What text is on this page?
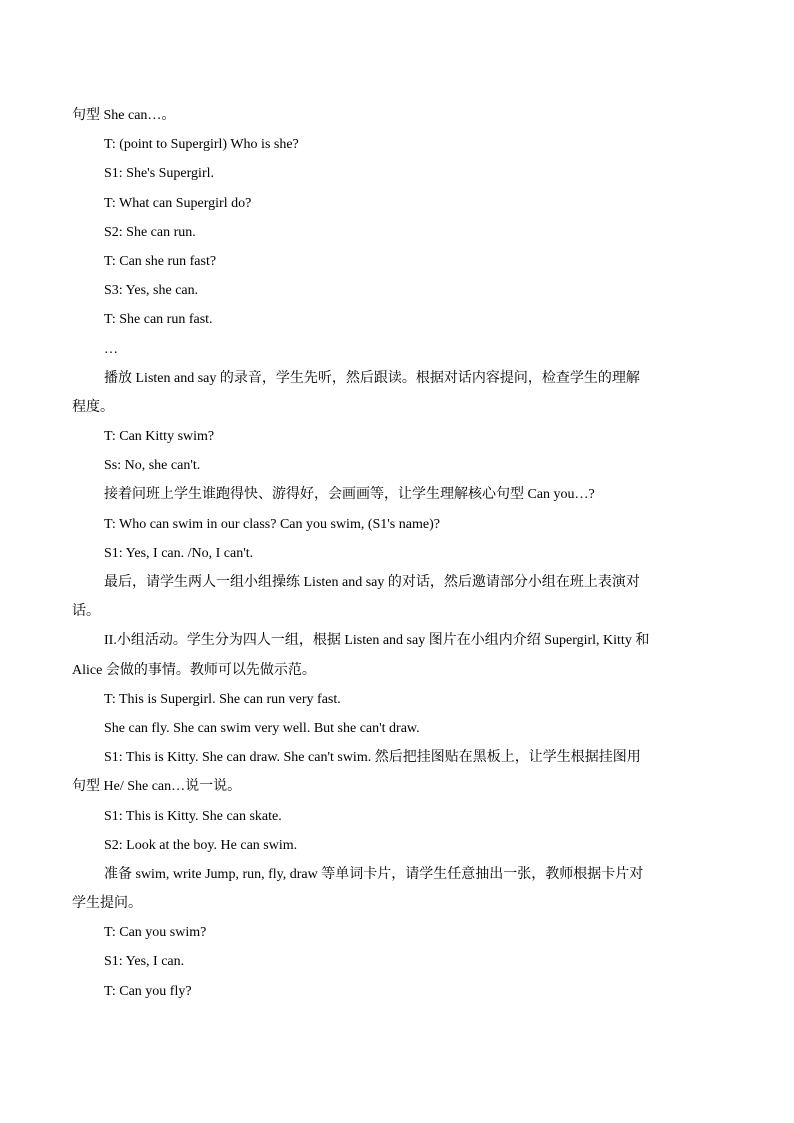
句型 She can…。
T: (point to Supergirl) Who is she?
S1: She's Supergirl.
T: What can Supergirl do?
S2: She can run.
T: Can she run fast?
S3: Yes, she can.
T: She can run fast.
…
播放 Listen and say 的录音，学生先听，然后跟读。根据对话内容提问，检查学生的理解
程度。
T: Can Kitty swim?
Ss: No, she can't.
接着问班上学生谁跑得快、游得好，会画画等，让学生理解核心句型 Can you…?
T: Who can swim in our class? Can you swim, (S1's name)?
S1: Yes, I can. /No, I can't.
最后，请学生两人一组小组操练 Listen and say 的对话，然后邀请部分小组在班上表演对
话。
II.小组活动。学生分为四人一组，根据 Listen and say 图片在小组内介绍 Supergirl, Kitty 和
Alice 会做的事情。教师可以先做示范。
T: This is Supergirl. She can run very fast.
She can fly. She can swim very well. But she can't draw.
S1: This is Kitty. She can draw. She can't swim. 然后把挂图贴在黑板上，让学生根据挂图用
句型 He/ She can…说一说。
S1: This is Kitty. She can skate.
S2: Look at the boy. He can swim.
准备 swim, write Jump, run, fly, draw 等单词卡片，请学生任意抽出一张，教师根据卡片对
学生提问。
T: Can you swim?
S1: Yes, I can.
T: Can you fly?
